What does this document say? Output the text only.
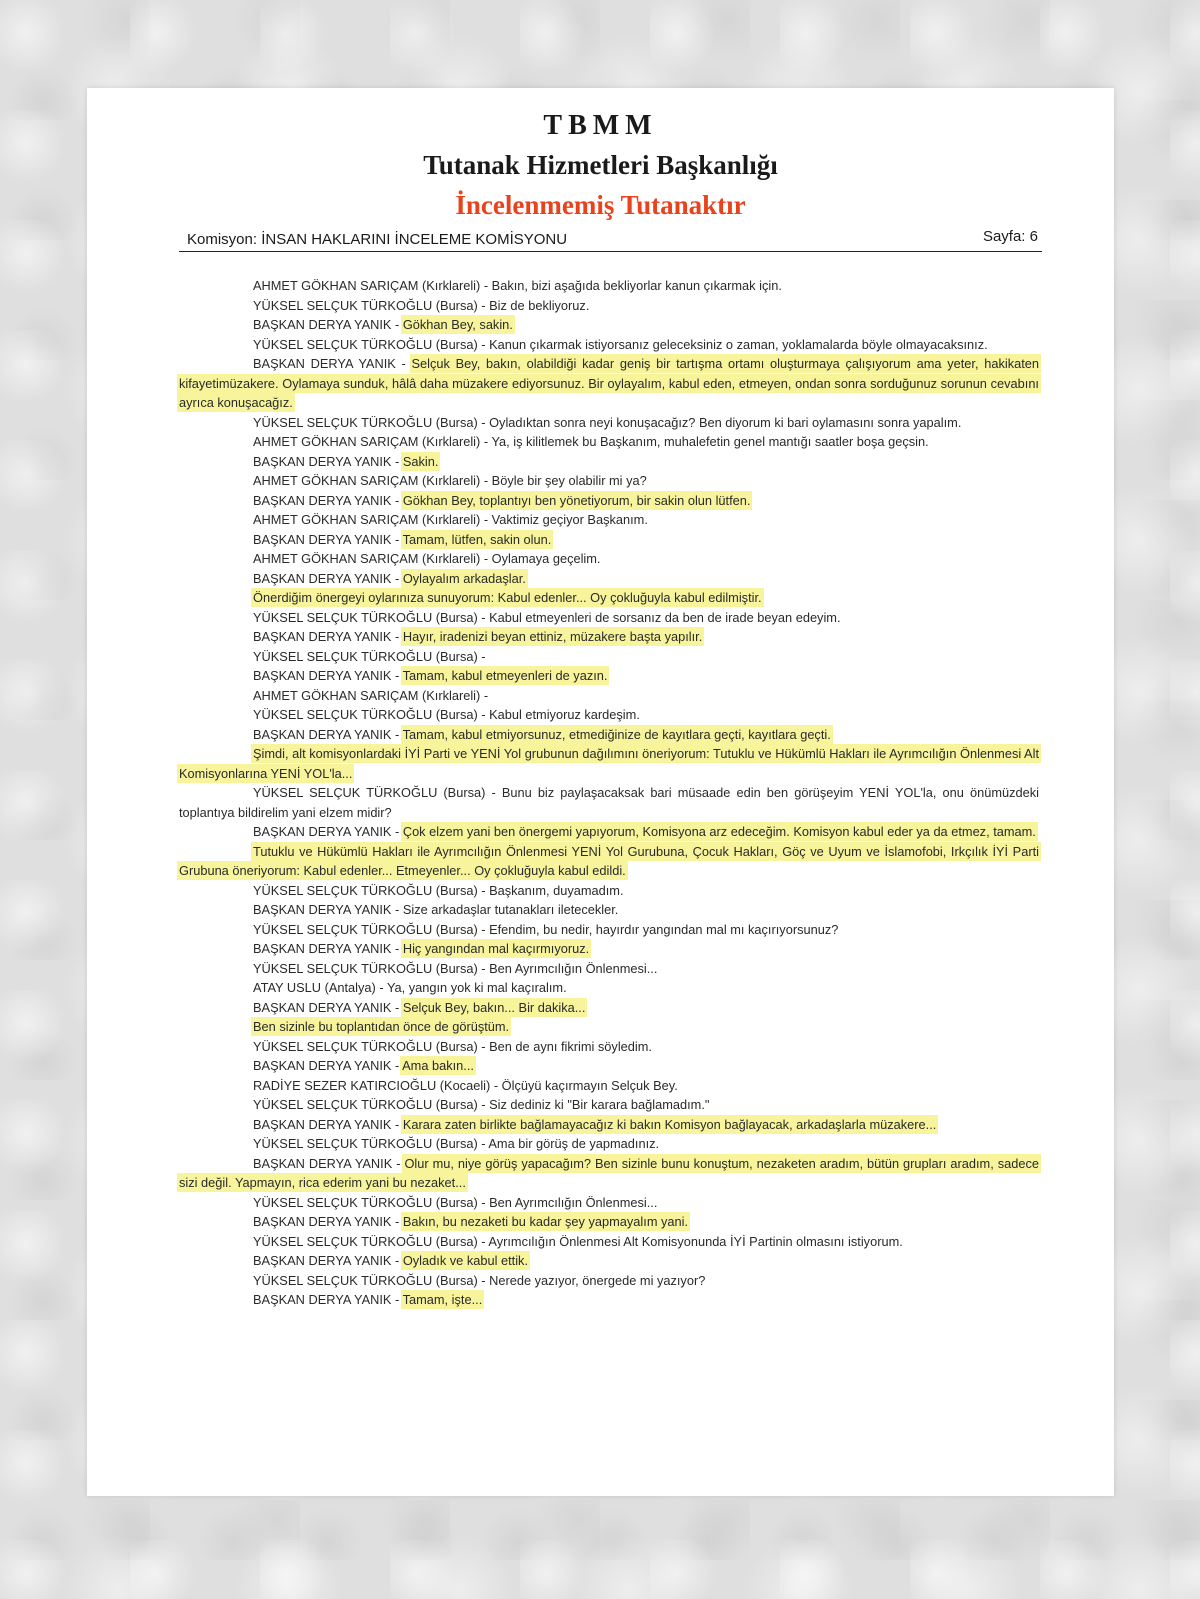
TBMM
Tutanak Hizmetleri Başkanlığı
İncelenmemiş Tutanaktır
Komisyon: İNSAN HAKLARINI İNCELEME KOMİSYONU	Sayfa: 6

AHMET GÖKHAN SARIÇAM (Kırklareli) - Bakın, bizi aşağıda bekliyorlar kanun çıkarmak için.

YÜKSEL SELÇUK TÜRKOĞLU (Bursa) - Biz de bekliyoruz.

BAŞKAN DERYA YANIK - Gökhan Bey, sakin.

YÜKSEL SELÇUK TÜRKOĞLU (Bursa) - Kanun çıkarmak istiyorsanız geleceksiniz o zaman, yoklamalarda böyle olmayacaksınız.

BAŞKAN DERYA YANIK - Selçuk Bey, bakın, olabildiği kadar geniş bir tartışma ortamı oluşturmaya çalışıyorum ama yeter, hakikaten kifayetimüzakere. Oylamaya sunduk, hâlâ daha müzakere ediyorsunuz. Bir oylayalım, kabul eden, etmeyen, ondan sonra sorduğunuz sorunun cevabını ayrıca konuşacağız.

YÜKSEL SELÇUK TÜRKOĞLU (Bursa) - Oyladıktan sonra neyi konuşacağız? Ben diyorum ki bari oylamasını sonra yapalım.

AHMET GÖKHAN SARIÇAM (Kırklareli) - Ya, iş kilitlemek bu Başkanım, muhalefetin genel mantığı saatler boşa geçsin.

BAŞKAN DERYA YANIK - Sakin.

AHMET GÖKHAN SARIÇAM (Kırklareli) - Böyle bir şey olabilir mi ya?

BAŞKAN DERYA YANIK - Gökhan Bey, toplantıyı ben yönetiyorum, bir sakin olun lütfen.

AHMET GÖKHAN SARIÇAM (Kırklareli) - Vaktimiz geçiyor Başkanım.

BAŞKAN DERYA YANIK - Tamam, lütfen, sakin olun.

AHMET GÖKHAN SARIÇAM (Kırklareli) - Oylamaya geçelim.

BAŞKAN DERYA YANIK - Oylayalım arkadaşlar.

Önerdiğim önergeyi oylarınıza sunuyorum: Kabul edenler... Oy çokluğuyla kabul edilmiştir.

YÜKSEL SELÇUK TÜRKOĞLU (Bursa) - Kabul etmeyenleri de sorsanız da ben de irade beyan edeyim.

BAŞKAN DERYA YANIK - Hayır, iradenizi beyan ettiniz, müzakere başta yapılır.

YÜKSEL SELÇUK TÜRKOĞLU (Bursa) -

BAŞKAN DERYA YANIK - Tamam, kabul etmeyenleri de yazın.

AHMET GÖKHAN SARIÇAM (Kırklareli) -

YÜKSEL SELÇUK TÜRKOĞLU (Bursa) - Kabul etmiyoruz kardeşim.

BAŞKAN DERYA YANIK - Tamam, kabul etmiyorsunuz, etmediğinize de kayıtlara geçti, kayıtlara geçti.

Şimdi, alt komisyonlardaki İYİ Parti ve YENİ Yol grubunun dağılımını öneriyorum: Tutuklu ve Hükümlü Hakları ile Ayrımcılığın Önlenmesi Alt Komisyonlarına YENİ YOL'la...

YÜKSEL SELÇUK TÜRKOĞLU (Bursa) - Bunu biz paylaşacaksak bari müsaade edin ben görüşeyim YENİ YOL'la, onu önümüzdeki toplantıya bildirelim yani elzem midir?

BAŞKAN DERYA YANIK - Çok elzem yani ben önergemi yapıyorum, Komisyona arz edeceğim. Komisyon kabul eder ya da etmez, tamam.

Tutuklu ve Hükümlü Hakları ile Ayrımcılığın Önlenmesi YENİ Yol Gurubuna, Çocuk Hakları, Göç ve Uyum ve İslamofobi, Irkçılık İYİ Parti Grubuna öneriyorum: Kabul edenler... Etmeyenler... Oy çokluğuyla kabul edildi.

YÜKSEL SELÇUK TÜRKOĞLU (Bursa) - Başkanım, duyamadım.

BAŞKAN DERYA YANIK - Size arkadaşlar tutanakları iletecekler.

YÜKSEL SELÇUK TÜRKOĞLU (Bursa) - Efendim, bu nedir, hayırdır yangından mal mı kaçırıyorsunuz?

BAŞKAN DERYA YANIK - Hiç yangından mal kaçırmıyoruz.

YÜKSEL SELÇUK TÜRKOĞLU (Bursa) - Ben Ayrımcılığın Önlenmesi...

ATAY USLU (Antalya) - Ya, yangın yok ki mal kaçıralım.

BAŞKAN DERYA YANIK - Selçuk Bey, bakın... Bir dakika...

Ben sizinle bu toplantıdan önce de görüştüm.

YÜKSEL SELÇUK TÜRKOĞLU (Bursa) - Ben de aynı fikrimi söyledim.

BAŞKAN DERYA YANIK - Ama bakın...

RADİYE SEZER KATIRCIOĞLU (Kocaeli) - Ölçüyü kaçırmayın Selçuk Bey.

YÜKSEL SELÇUK TÜRKOĞLU (Bursa) - Siz dediniz ki "Bir karara bağlamadım."

BAŞKAN DERYA YANIK - Karara zaten birlikte bağlamayacağız ki bakın Komisyon bağlayacak, arkadaşlarla müzakere...

YÜKSEL SELÇUK TÜRKOĞLU (Bursa) - Ama bir görüş de yapmadınız.

BAŞKAN DERYA YANIK - Olur mu, niye görüş yapacağım? Ben sizinle bunu konuştum, nezaketen aradım, bütün grupları aradım, sadece sizi değil. Yapmayın, rica ederim yani bu nezaket...

YÜKSEL SELÇUK TÜRKOĞLU (Bursa) - Ben Ayrımcılığın Önlenmesi...

BAŞKAN DERYA YANIK - Bakın, bu nezaketi bu kadar şey yapmayalım yani.

YÜKSEL SELÇUK TÜRKOĞLU (Bursa) - Ayrımcılığın Önlenmesi Alt Komisyonunda İYİ Partinin olmasını istiyorum.

BAŞKAN DERYA YANIK - Oyladık ve kabul ettik.

YÜKSEL SELÇUK TÜRKOĞLU (Bursa) - Nerede yazıyor, önergede mi yazıyor?

BAŞKAN DERYA YANIK - Tamam, işte...
